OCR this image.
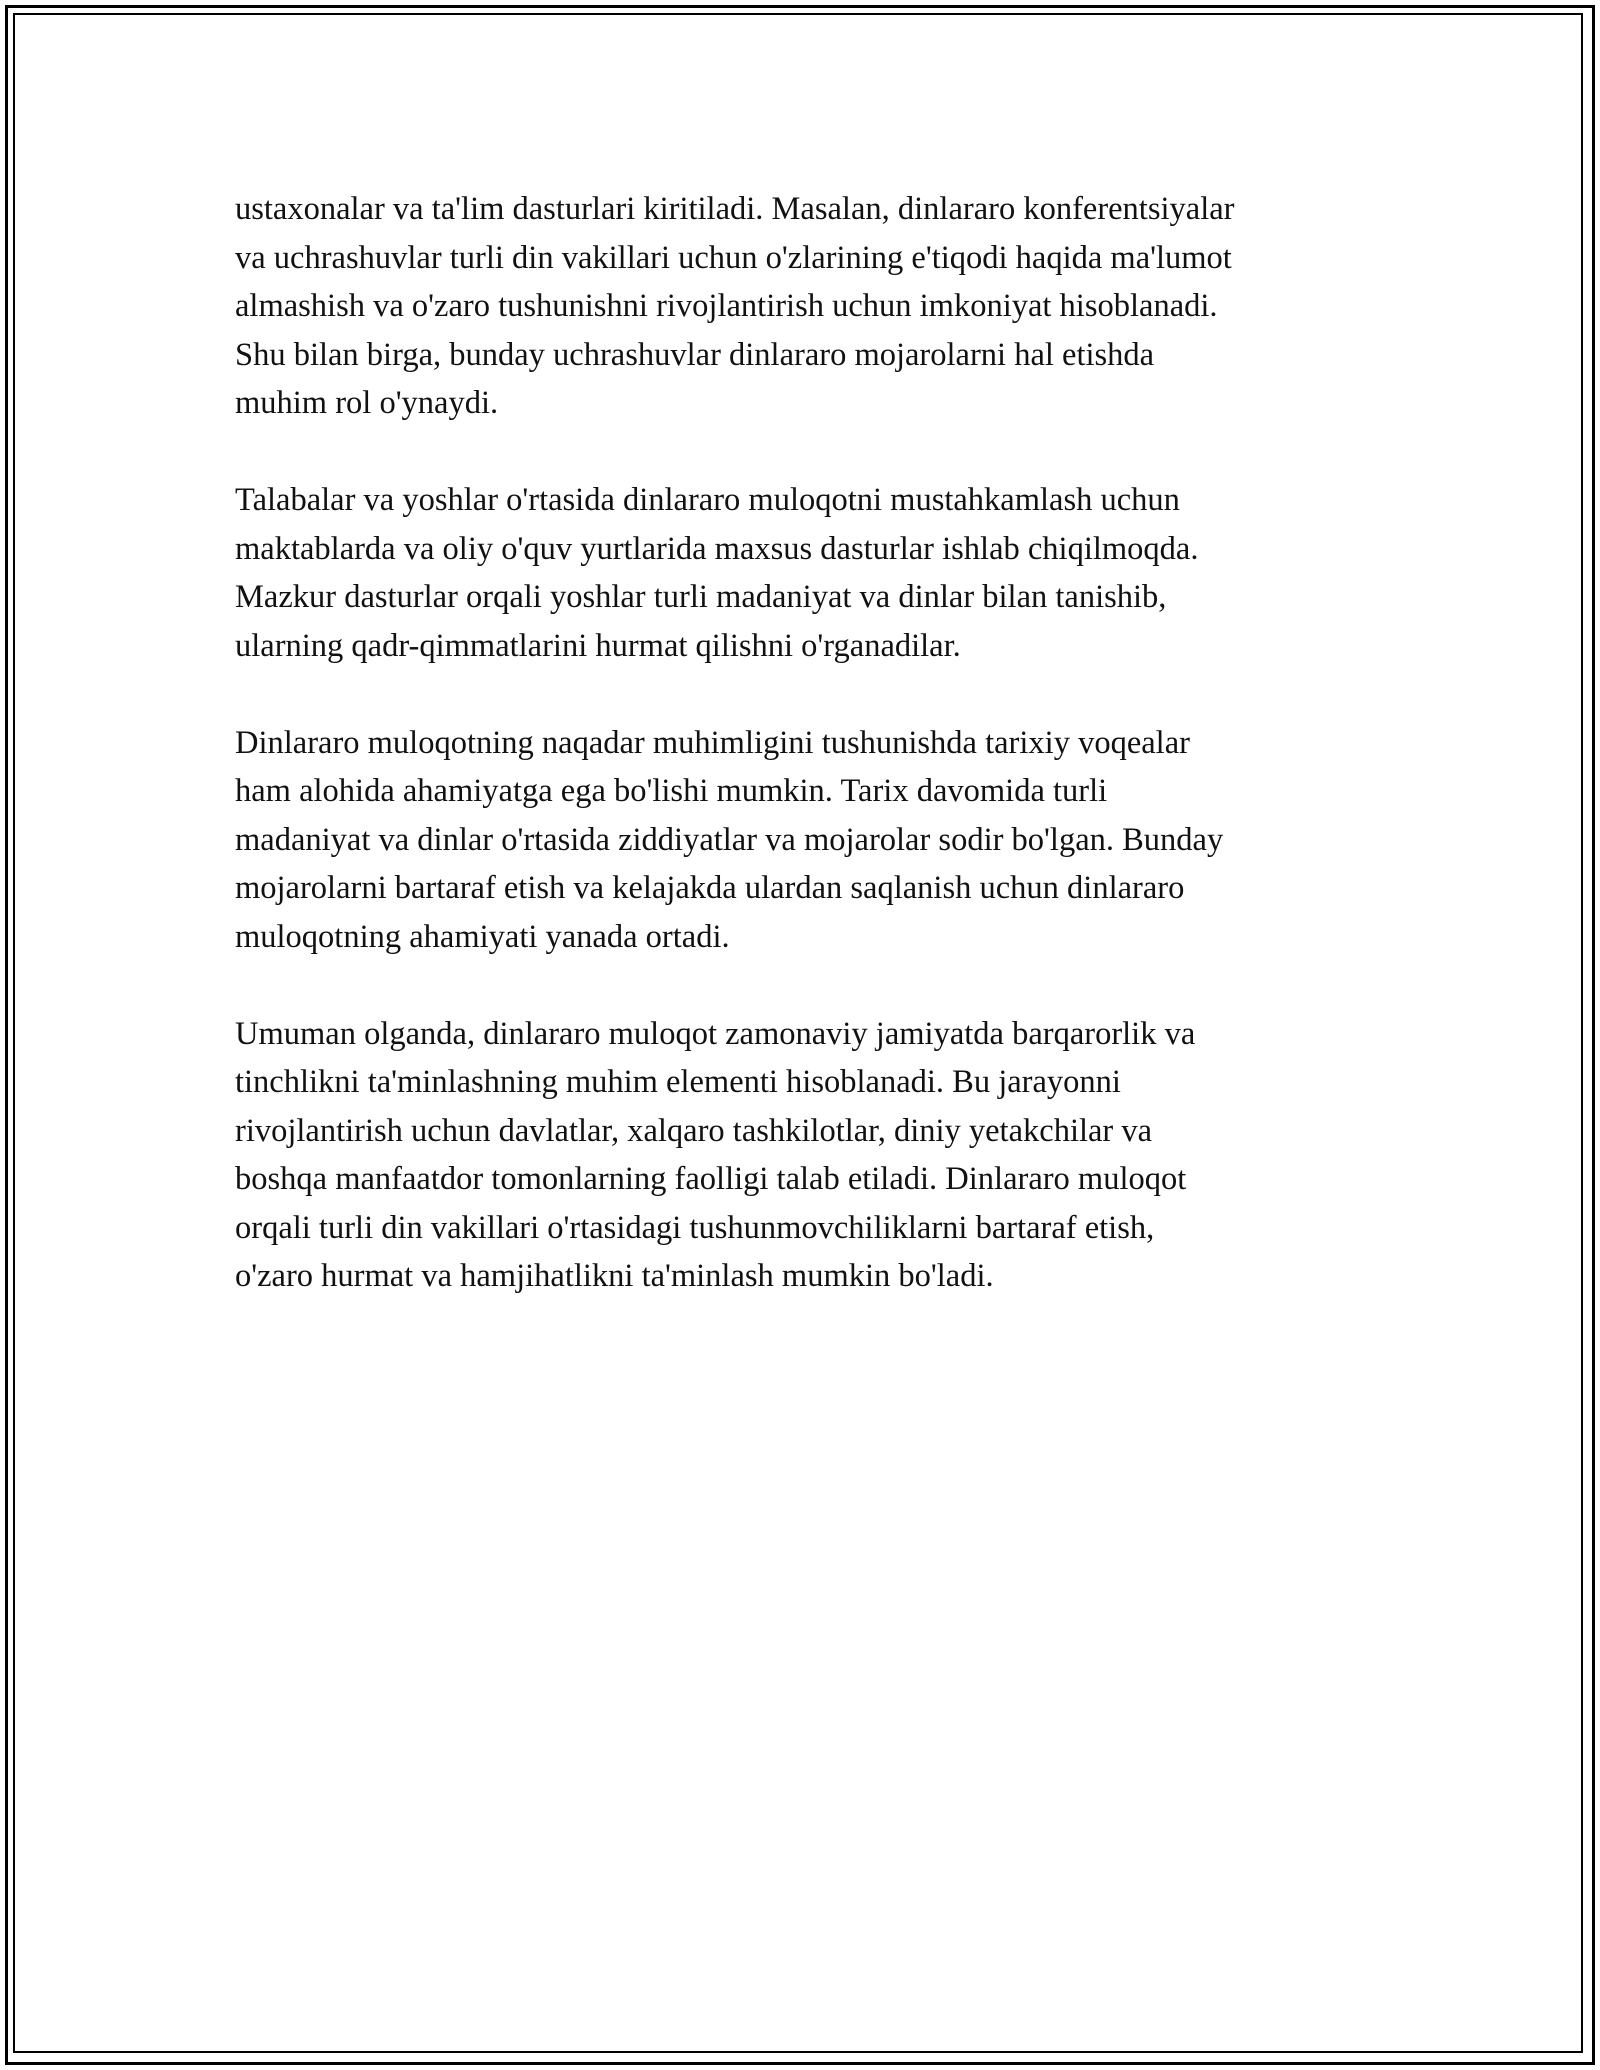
ustaxonalar va ta'lim dasturlari kiritiladi. Masalan, dinlararo konferentsiyalar
va uchrashuvlar turli din vakillari uchun o'zlarining e'tiqodi haqida ma'lumot
almashish va o'zaro tushunishni rivojlantirish uchun imkoniyat hisoblanadi.
Shu bilan birga, bunday uchrashuvlar dinlararo mojarolarni hal etishda
muhim rol o'ynaydi.

Talabalar va yoshlar o'rtasida dinlararo muloqotni mustahkamlash uchun
maktablarda va oliy o'quv yurtlarida maxsus dasturlar ishlab chiqilmoqda.
Mazkur dasturlar orqali yoshlar turli madaniyat va dinlar bilan tanishib,
ularning qadr-qimmatlarini hurmat qilishni o'rganadilar.

Dinlararo muloqotning naqadar muhimligini tushunishda tarixiy voqealar
ham alohida ahamiyatga ega bo'lishi mumkin. Tarix davomida turli
madaniyat va dinlar o'rtasida ziddiyatlar va mojarolar sodir bo'lgan. Bunday
mojarolarni bartaraf etish va kelajakda ulardan saqlanish uchun dinlararo
muloqotning ahamiyati yanada ortadi.

Umuman olganda, dinlararo muloqot zamonaviy jamiyatda barqarorlik va
tinchlikni ta'minlashning muhim elementi hisoblanadi. Bu jarayonni
rivojlantirish uchun davlatlar, xalqaro tashkilotlar, diniy yetakchilar va
boshqa manfaatdor tomonlarning faolligi talab etiladi. Dinlararo muloqot
orqali turli din vakillari o'rtasidagi tushunmovchiliklarni bartaraf etish,
o'zaro hurmat va hamjihatlikni ta'minlash mumkin bo'ladi.
